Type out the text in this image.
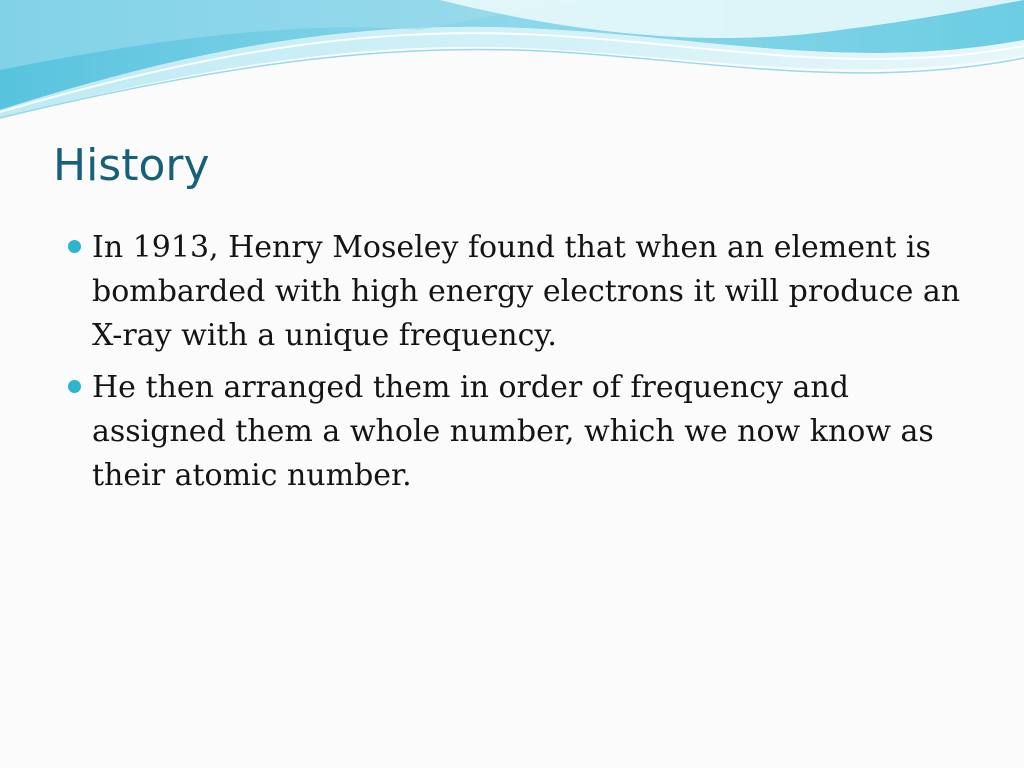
History
In 1913, Henry Moseley found that when an element is bombarded with high energy electrons it will produce an X-ray with a unique frequency.
He then arranged them in order of frequency and assigned them a whole number, which we now know as their atomic number.
